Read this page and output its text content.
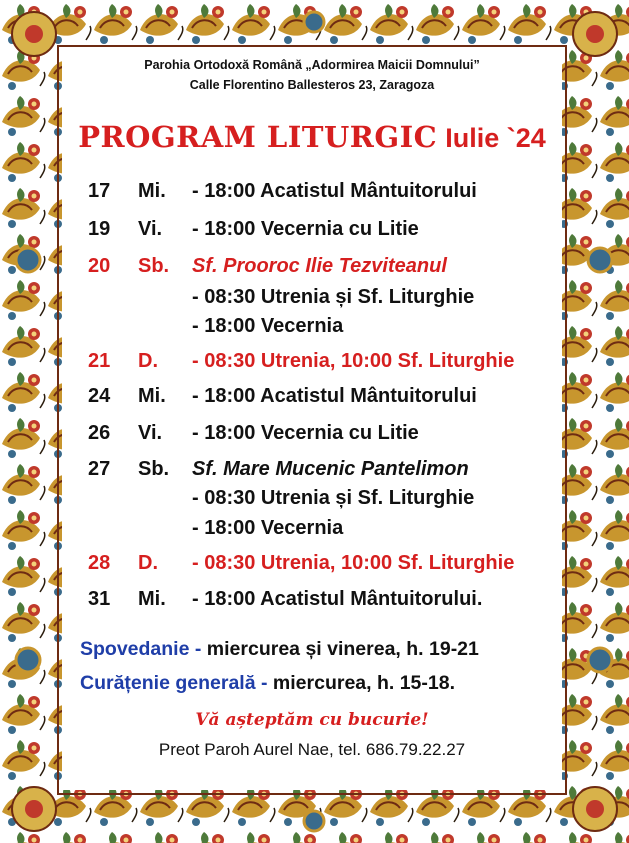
Parohia Ortodoxă Română „Adormirea Maicii Domnului”
Calle Florentino Ballesteros 23, Zaragoza
PROGRAM LITURGIC Iulie `24
17 Mi. - 18:00 Acatistul Mântuitorului
19 Vi. - 18:00 Vecernia cu Litie
20 Sb. Sf. Prooroc Ilie Tezviteanul
- 08:30 Utrenia și Sf. Liturghie
- 18:00 Vecernia
21 D. - 08:30 Utrenia, 10:00 Sf. Liturghie
24 Mi. - 18:00 Acatistul Mântuitorului
26 Vi. - 18:00 Vecernia cu Litie
27 Sb. Sf. Mare Mucenic Pantelimon
- 08:30 Utrenia și Sf. Liturghie
- 18:00 Vecernia
28 D. - 08:30 Utrenia, 10:00 Sf. Liturghie
31 Mi. - 18:00 Acatistul Mântuitorului.
Spovedanie - miercurea și vinerea, h. 19-21
Curățenie generală - miercurea, h. 15-18.
Vă așteptăm cu bucurie!
Preot Paroh Aurel Nae, tel. 686.79.22.27
